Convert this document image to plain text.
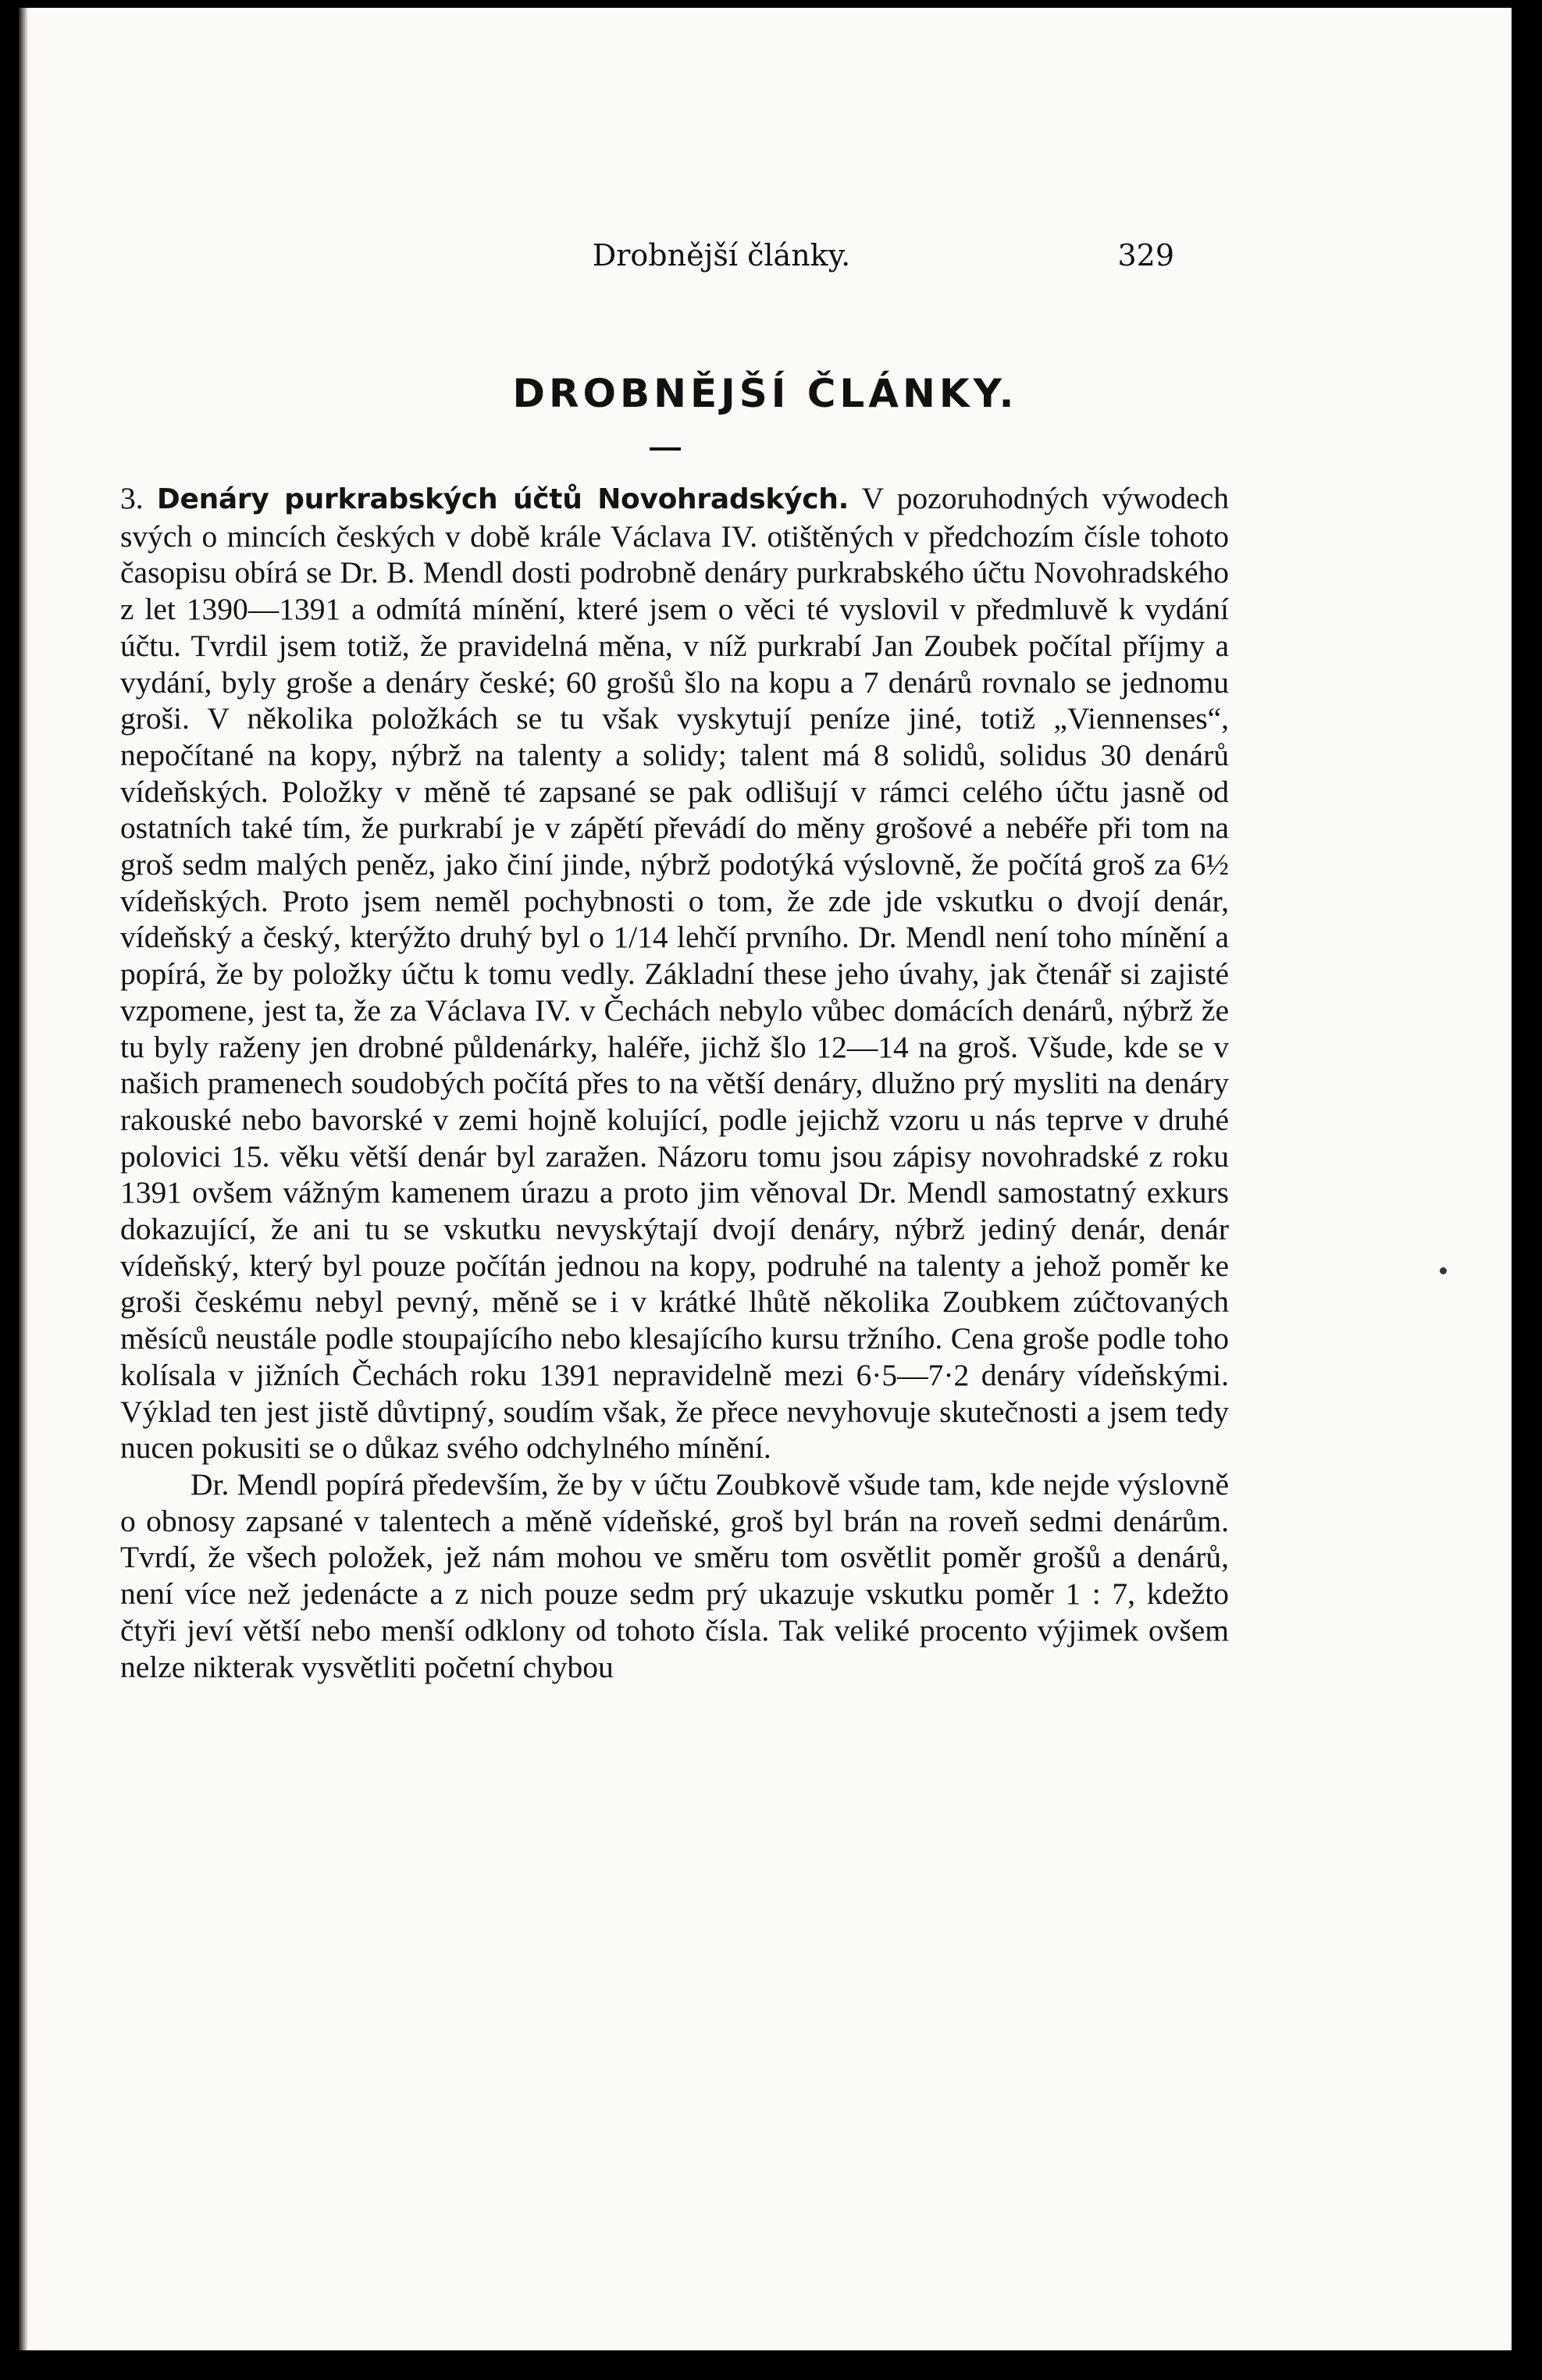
Drobnější články.	329
DROBNĚJŠÍ ČLÁNKY.

3. Denáry purkrabských účtů Novohradských. V pozoruhodných výwodech svých o mincích českých v době krále Václava IV. otištěných v předchozím čísle tohoto časopisu obírá se Dr. B. Mendl dosti podrobně denáry purkrabského účtu Novohradského z let 1390—1391 a odmítá mínění, které jsem o věci té vyslovil v předmluvě k vydání účtu. Tvrdil jsem totiž, že pravidelná měna, v níž purkrabí Jan Zoubek počítal příjmy a vydání, byly groše a denáry české; 60 grošů šlo na kopu a 7 denárů rovnalo se jednomu groši. V několika položkách se tu však vyskytují peníze jiné, totiž „Viennenses“, nepočítané na kopy, nýbrž na talenty a solidy; talent má 8 solidů, solidus 30 denárů vídeňských. Položky v měně té zapsané se pak odlišují v rámci celého účtu jasně od ostatních také tím, že purkrabí je v zápětí převádí do měny grošové a nebéře při tom na groš sedm malých peněz, jako činí jinde, nýbrž podotýká výslovně, že počítá groš za 6½ vídeňských. Proto jsem neměl pochybnosti o tom, že zde jde vskutku o dvojí denár, vídeňský a český, kterýžto druhý byl o 1/14 lehčí prvního. Dr. Mendl není toho mínění a popírá, že by položky účtu k tomu vedly. Základní these jeho úvahy, jak čtenář si zajisté vzpomene, jest ta, že za Václava IV. v Čechách nebylo vůbec domácích denárů, nýbrž že tu byly raženy jen drobné půldenárky, haléře, jichž šlo 12—14 na groš. Všude, kde se v našich pramenech soudobých počítá přes to na větší denáry, dlužno prý mysliti na denáry rakouské nebo bavorské v zemi hojně kolující, podle jejichž vzoru u nás teprve v druhé polovici 15. věku větší denár byl zaražen. Názoru tomu jsou zápisy novohradské z roku 1391 ovšem vážným kamenem úrazu a proto jim věnoval Dr. Mendl samostatný exkurs dokazující, že ani tu se vskutku nevyskýtají dvojí denáry, nýbrž jediný denár, denár vídeňský, který byl pouze počítán jednou na kopy, podruhé na talenty a jehož poměr ke groši českému nebyl pevný, měně se i v krátké lhůtě několika Zoubkem zúčtovaných měsíců neustále podle stoupajícího nebo klesajícího kursu tržního. Cena groše podle toho kolísala v jižních Čechách roku 1391 nepravidelně mezi 6·5—7·2 denáry vídeňskými. Výklad ten jest jistě důvtipný, soudím však, že přece nevyhovuje skutečnosti a jsem tedy nucen pokusiti se o důkaz svého odchylného mínění.

Dr. Mendl popírá především, že by v účtu Zoubkově všude tam, kde nejde výslovně o obnosy zapsané v talentech a měně vídeňské, groš byl brán na roveň sedmi denárům. Tvrdí, že všech položek, jež nám mohou ve směru tom osvětlit poměr grošů a denárů, není více než jedenácte a z nich pouze sedm prý ukazuje vskutku poměr 1 : 7, kdežto čtyři jeví větší nebo menší odklony od tohoto čísla. Tak veliké procento výjimek ovšem nelze nikterak vysvětliti početní chybou
